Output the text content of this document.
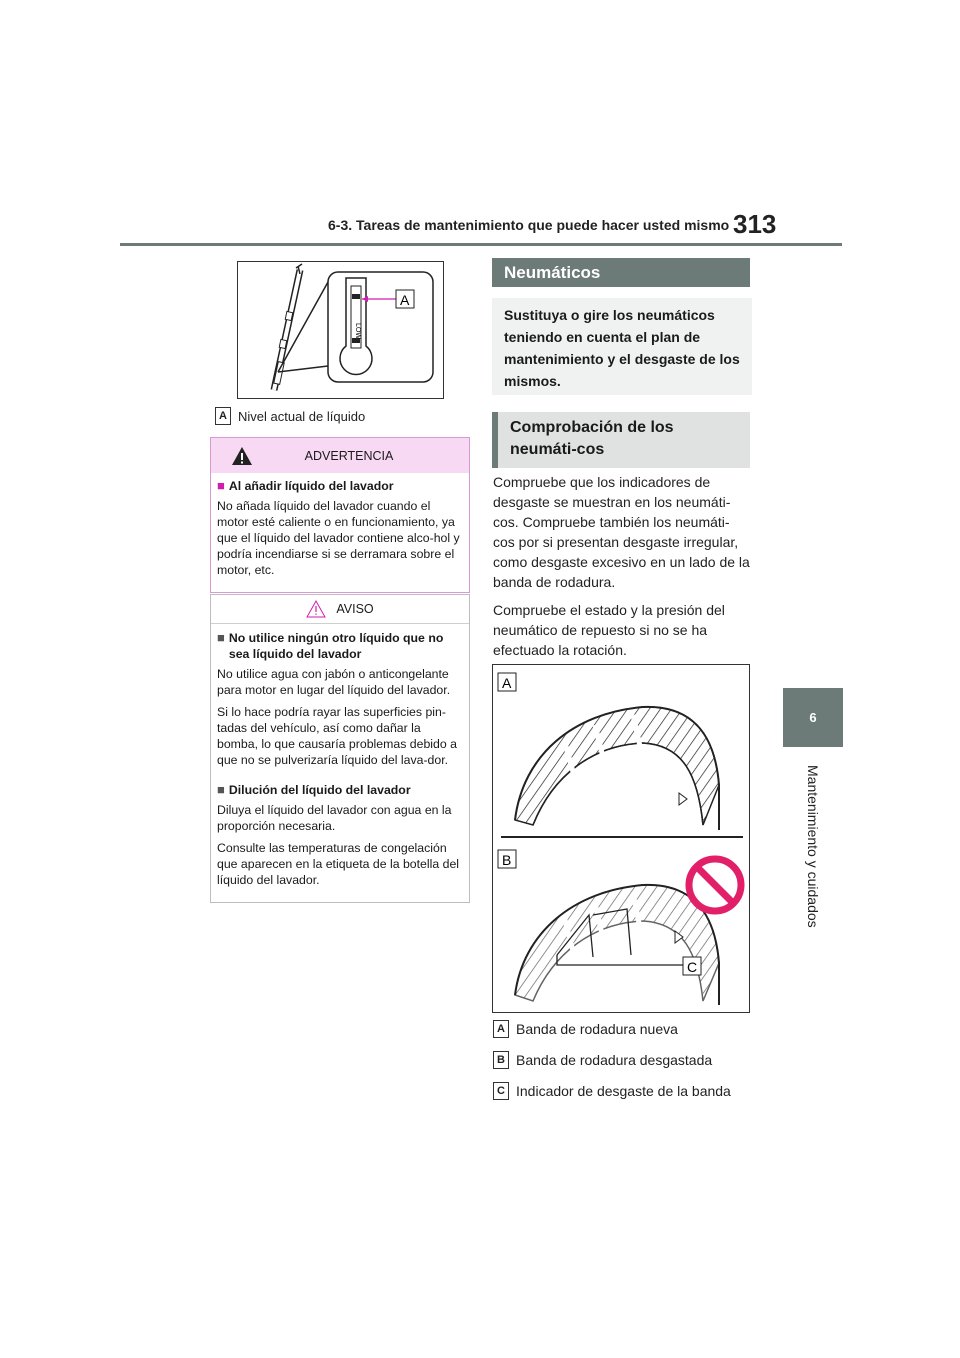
6-3. Tareas de mantenimiento que puede hacer usted mismo 313
6
Mantenimiento y cuidados
LOW
A
A Nivel actual de líquido
ADVERTENCIA
■ Al añadir líquido del lavador

No añada líquido del lavador cuando el motor esté caliente o en funcionamiento, ya que el líquido del lavador contiene alco-hol y podría incendiarse si se derramara sobre el motor, etc.

AVISO
■ No utilice ningún otro líquido que no sea líquido del lavador

No utilice agua con jabón o anticongelante para motor en lugar del líquido del lavador.

Si lo hace podría rayar las superficies pin-tadas del vehículo, así como dañar la bomba, lo que causaría problemas debido a que no se pulverizaría líquido del lava-dor.

■ Dilución del líquido del lavador

Diluya el líquido del lavador con agua en la proporción necesaria.

Consulte las temperaturas de congelación que aparecen en la etiqueta de la botella del líquido del lavador.

Neumáticos
Sustituya o gire los neumáticos teniendo en cuenta el plan de mantenimiento y el desgaste de los mismos.
Comprobación de los neumáti-cos

Compruebe que los indicadores de desgaste se muestran en los neumáti-cos. Compruebe también los neumáti-cos por si presentan desgaste irregular, como desgaste excesivo en un lado de la banda de rodadura.

Compruebe el estado y la presión del neumático de repuesto si no se ha efectuado la rotación.

A
B
C
A Banda de rodadura nueva
B Banda de rodadura desgastada
C Indicador de desgaste de la banda
